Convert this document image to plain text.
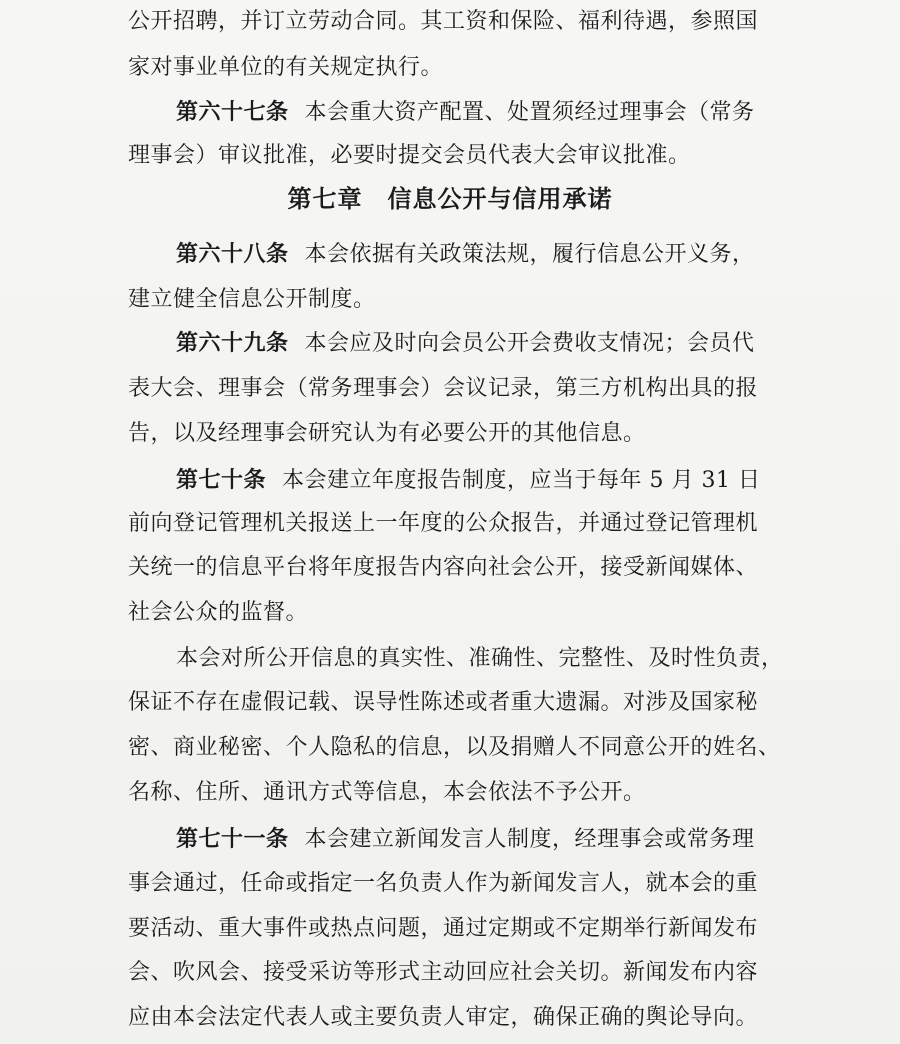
公开招聘，并订立劳动合同。其工资和保险、福利待遇，参照国
家对事业单位的有关规定执行。
第六十七条 本会重大资产配置、处置须经过理事会（常务
理事会）审议批准，必要时提交会员代表大会审议批准。
第七章　信息公开与信用承诺
第六十八条 本会依据有关政策法规，履行信息公开义务，
建立健全信息公开制度。
第六十九条 本会应及时向会员公开会费收支情况；会员代
表大会、理事会（常务理事会）会议记录，第三方机构出具的报
告，以及经理事会研究认为有必要公开的其他信息。
第七十条 本会建立年度报告制度，应当于每年 5 月 31 日
前向登记管理机关报送上一年度的公众报告，并通过登记管理机
关统一的信息平台将年度报告内容向社会公开，接受新闻媒体、
社会公众的监督。
本会对所公开信息的真实性、准确性、完整性、及时性负责，
保证不存在虚假记载、误导性陈述或者重大遗漏。对涉及国家秘
密、商业秘密、个人隐私的信息，以及捐赠人不同意公开的姓名、
名称、住所、通讯方式等信息，本会依法不予公开。
第七十一条 本会建立新闻发言人制度，经理事会或常务理
事会通过，任命或指定一名负责人作为新闻发言人，就本会的重
要活动、重大事件或热点问题，通过定期或不定期举行新闻发布
会、吹风会、接受采访等形式主动回应社会关切。新闻发布内容
应由本会法定代表人或主要负责人审定，确保正确的舆论导向。
